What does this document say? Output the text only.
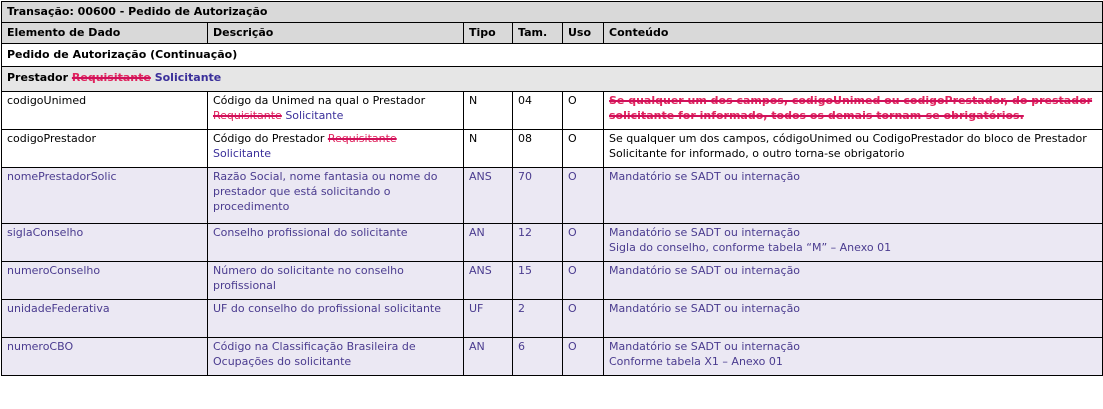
Transação: 00600 - Pedido de Autorização					
Elemento de Dado	Descrição	Tipo	Tam.	Uso	Conteúdo
Pedido de Autorização (Continuação)					
Prestador Requisitante Solicitante					
codigoUnimed	Código da Unimed na qual o Prestador Requisitante Solicitante	N	04	O	Se qualquer um dos campos, codigoUnimed ou codigoPrestador, do prestador solicitante for informado, todos os demais tornam-se obrigatórios.
codigoPrestador	Código do Prestador Requisitante Solicitante	N	08	O	Se qualquer um dos campos, códigoUnimed ou CodigoPrestador do bloco de Prestador Solicitante for informado, o outro torna-se obrigatorio
nomePrestadorSolic	Razão Social, nome fantasia ou nome do prestador que está solicitando o procedimento	ANS	70	O	Mandatório se SADT ou internação
siglaConselho	Conselho profissional do solicitante	AN	12	O	Mandatório se SADT ou internação
Sigla do conselho, conforme tabela “M” – Anexo 01

numeroConselho	Número do solicitante no conselho profissional	ANS	15	O	Mandatório se SADT ou internação
unidadeFederativa	UF do conselho do profissional solicitante	UF	2	O	Mandatório se SADT ou internação
numeroCBO	Código na Classificação Brasileira de Ocupações do solicitante	AN	6	O	Mandatório se SADT ou internação
Conforme tabela X1 – Anexo 01
